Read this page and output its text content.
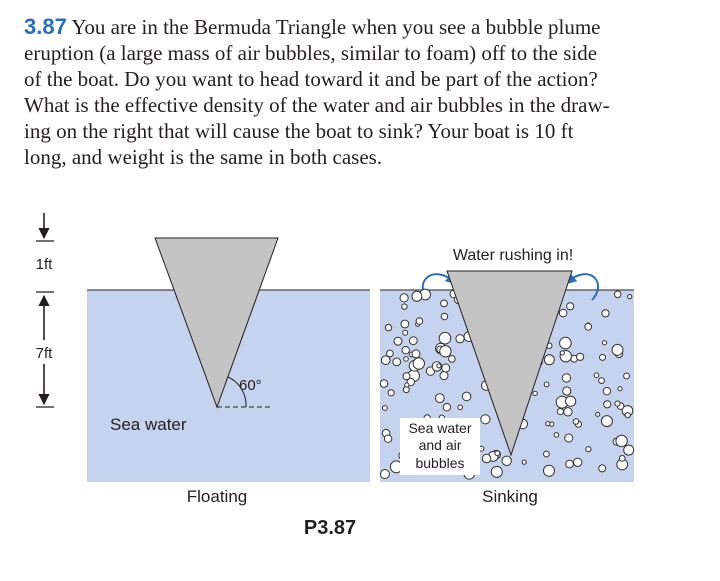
3.87 You are in the Bermuda Triangle when you see a bubble plume
eruption (a large mass of air bubbles, similar to foam) off to the side
of the boat. Do you want to head toward it and be part of the action?
What is the effective density of the water and air bubbles in the draw-
ing on the right that will cause the boat to sink? Your boat is 10 ft
long, and weight is the same in both cases.
1ft
7ft
60°
Sea water
Floating
Water rushing in!
Sea water
and air
bubbles
Sinking
P3.87
